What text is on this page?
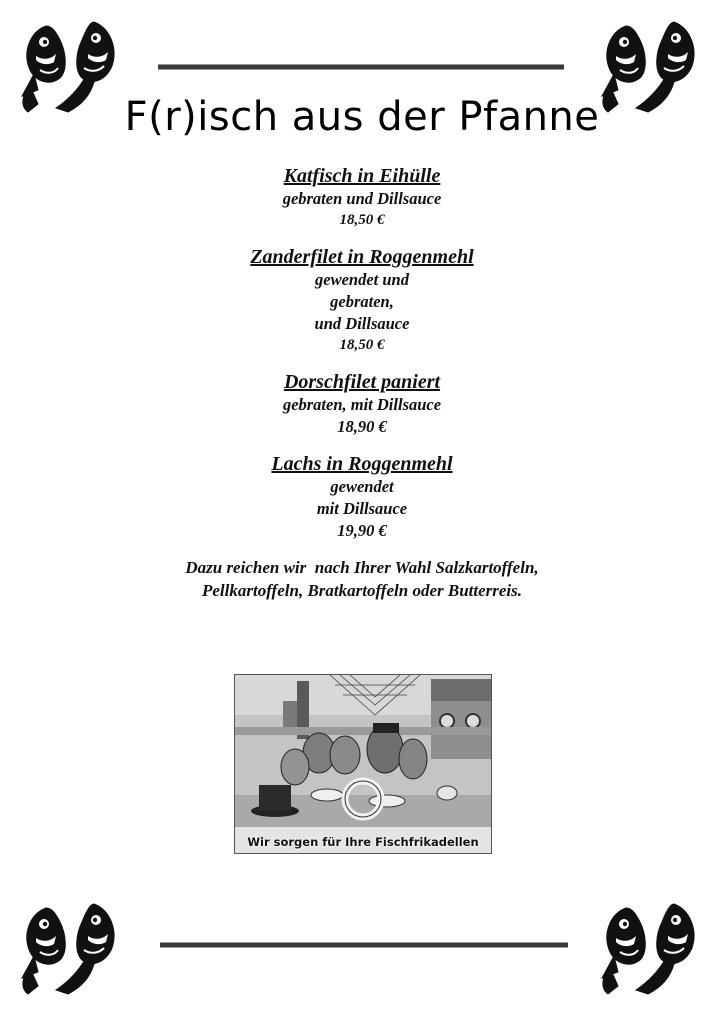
F(r)isch aus der Pfanne
Katfisch in Eihülle
gebraten und Dillsauce
18,50 €
Zanderfilet in Roggenmehl
gewendet und
gebraten,
und Dillsauce
18,50 €
Dorschfilet paniert
gebraten, mit Dillsauce
18,90 €
Lachs in Roggenmehl
gewendet
mit Dillsauce
19,90 €
Dazu reichen wir  nach Ihrer Wahl Salzkartoffeln,
Pellkartoffeln, Bratkartoffeln oder Butterreis.
Wir sorgen für Ihre Fischfrikadellen
